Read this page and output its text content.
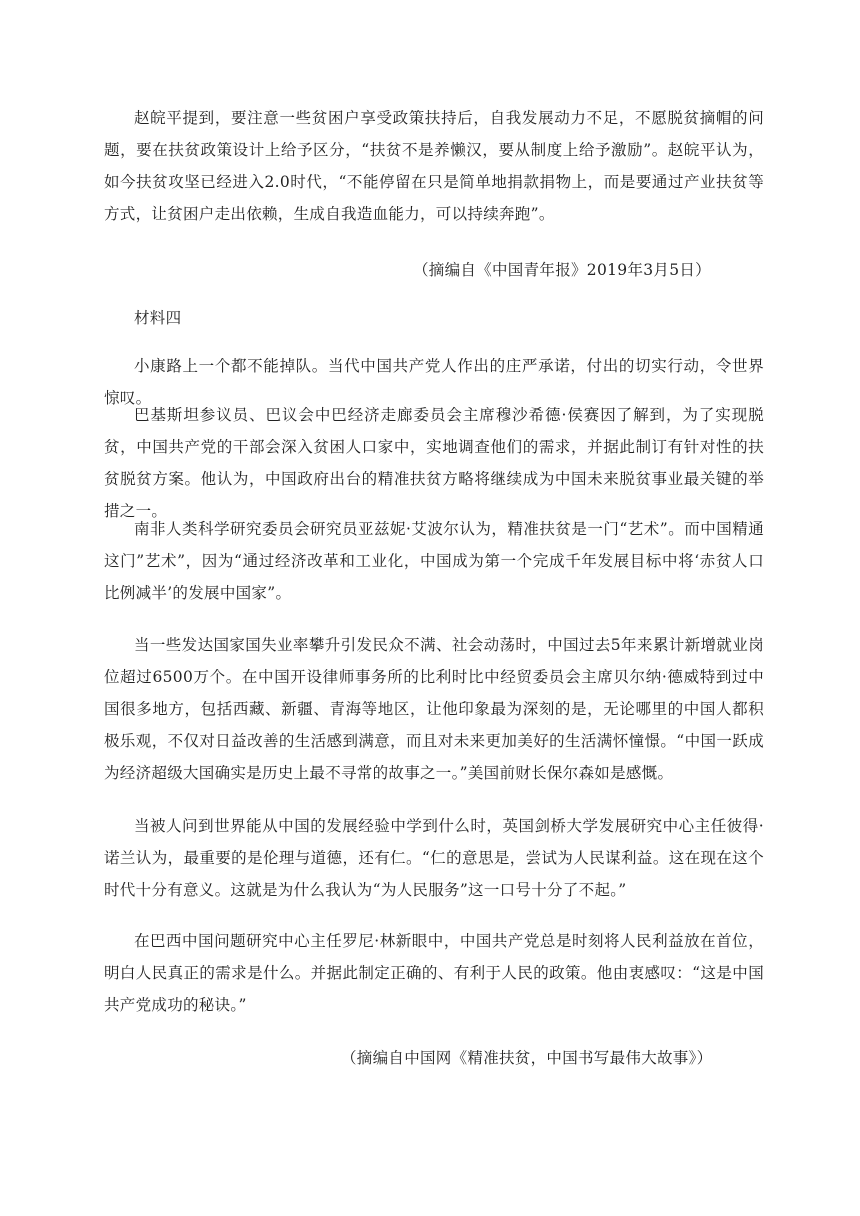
赵皖平提到，要注意一些贫困户享受政策扶持后，自我发展动力不足，不愿脱贫摘帽的问题，要在扶贫政策设计上给予区分，“扶贫不是养懒汉，要从制度上给予激励”。赵皖平认为，如今扶贫攻坚已经进入2.0时代，“不能停留在只是简单地捐款捐物上，而是要通过产业扶贫等方式，让贫困户走出依赖，生成自我造血能力，可以持续奔跑”。
（摘编自《中国青年报》2019年3月5日）
材料四
小康路上一个都不能掉队。当代中国共产党人作出的庄严承诺，付出的切实行动，令世界惊叹。
巴基斯坦参议员、巴议会中巴经济走廊委员会主席穆沙希德·侯赛因了解到，为了实现脱贫，中国共产党的干部会深入贫困人口家中，实地调查他们的需求，并据此制订有针对性的扶贫脱贫方案。他认为，中国政府出台的精准扶贫方略将继续成为中国未来脱贫事业最关键的举措之一。
南非人类科学研究委员会研究员亚兹妮·艾波尔认为，精准扶贫是一门“艺术”。而中国精通这门”艺术”，因为“通过经济改革和工业化，中国成为第一个完成千年发展目标中将‘赤贫人口比例减半’的发展中国家”。
当一些发达国家国失业率攀升引发民众不满、社会动荡时，中国过去5年来累计新增就业岗位超过6500万个。在中国开设律师事务所的比利时比中经贸委员会主席贝尔纳·德威特到过中国很多地方，包括西藏、新疆、青海等地区，让他印象最为深刻的是，无论哪里的中国人都积极乐观，不仅对日益改善的生活感到满意，而且对未来更加美好的生活满怀憧憬。“中国一跃成为经济超级大国确实是历史上最不寻常的故事之一。”美国前财长保尔森如是感慨。
当被人问到世界能从中国的发展经验中学到什么时，英国剑桥大学发展研究中心主任彼得·诺兰认为，最重要的是伦理与道德，还有仁。“仁的意思是，尝试为人民谋利益。这在现在这个时代十分有意义。这就是为什么我认为“为人民服务”这一口号十分了不起。”
在巴西中国问题研究中心主任罗尼·林新眼中，中国共产党总是时刻将人民利益放在首位，明白人民真正的需求是什么。并据此制定正确的、有利于人民的政策。他由衷感叹：“这是中国共产党成功的秘诀。”
（摘编自中国网《精准扶贫，中国书写最伟大故事》）
